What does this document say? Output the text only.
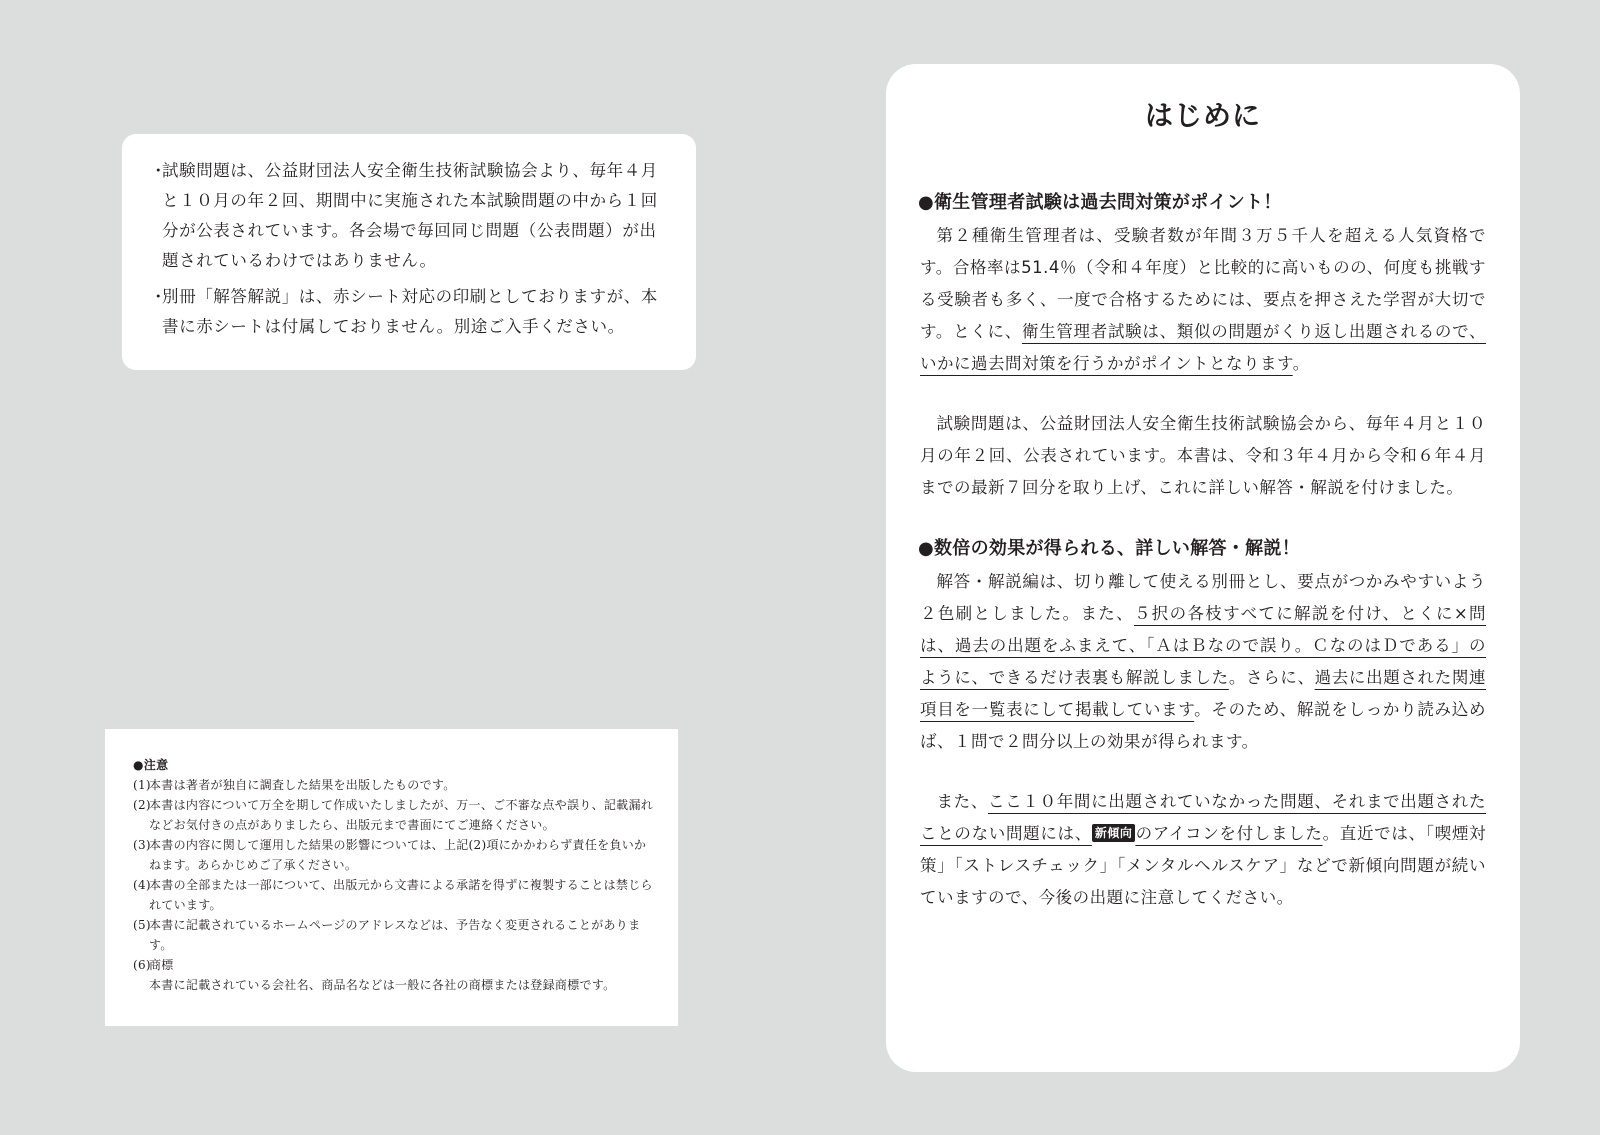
・
試験問題は、公益財団法人安全衛生技術試験協会より、毎年４月と１０月の年２回、期間中に実施された本試験問題の中から１回分が公表されています。各会場で毎回同じ問題（公表問題）が出題されているわけではありません。
・
別冊「解答解説」は、赤シート対応の印刷としておりますが、本書に赤シートは付属しておりません。別途ご入手ください。
●注意
(1)
本書は著者が独自に調査した結果を出版したものです。
(2)
本書は内容について万全を期して作成いたしましたが、万一、ご不審な点や誤り、記載漏れなどお気付きの点がありましたら、出版元まで書面にてご連絡ください。
(3)
本書の内容に関して運用した結果の影響については、上記(2)項にかかわらず責任を負いかねます。あらかじめご了承ください。
(4)
本書の全部または一部について、出版元から文書による承諾を得ずに複製することは禁じられています。
(5)
本書に記載されているホームページのアドレスなどは、予告なく変更されることがあります。
(6)
商標
本書に記載されている会社名、商品名などは一般に各社の商標または登録商標です。
はじめに
●衛生管理者試験は過去問対策がポイント！

第２種衛生管理者は、受験者数が年間３万５千人を超える人気資格です。合格率は51.4％（令和４年度）と比較的に高いものの、何度も挑戦する受験者も多く、一度で合格するためには、要点を押さえた学習が大切です。とくに、衛生管理者試験は、類似の問題がくり返し出題されるので、いかに過去問対策を行うかがポイントとなります。

試験問題は、公益財団法人安全衛生技術試験協会から、毎年４月と１０月の年２回、公表されています。本書は、令和３年４月から令和６年４月までの最新７回分を取り上げ、これに詳しい解答・解説を付けました。

●数倍の効果が得られる、詳しい解答・解説！

解答・解説編は、切り離して使える別冊とし、要点がつかみやすいよう２色刷としました。また、５択の各枝すべてに解説を付け、とくに×問は、過去の出題をふまえて、「ＡはＢなので誤り。ＣなのはＤである」のように、できるだけ表裏も解説しました。さらに、過去に出題された関連項目を一覧表にして掲載しています。そのため、解説をしっかり読み込めば、１問で２問分以上の効果が得られます。

また、ここ１０年間に出題されていなかった問題、それまで出題されたことのない問題には、 新傾向 のアイコンを付しました。直近では、「喫煙対策」「ストレスチェック」「メンタルヘルスケア」などで新傾向問題が続いていますので、今後の出題に注意してください。
